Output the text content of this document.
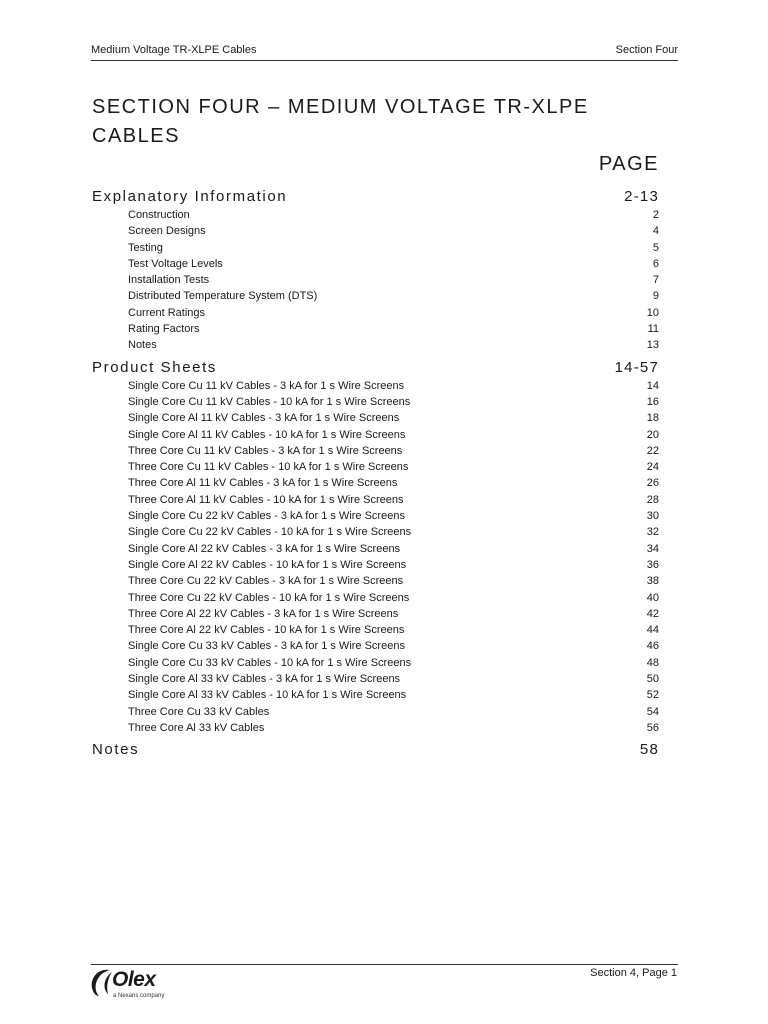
Medium Voltage TR-XLPE Cables	Section Four
SECTION FOUR – MEDIUM VOLTAGE TR-XLPE CABLES
PAGE
Explanatory Information	2-13
Construction	2
Screen Designs	4
Testing	5
Test Voltage Levels	6
Installation Tests	7
Distributed Temperature System (DTS)	9
Current Ratings	10
Rating Factors	11
Notes	13
Product Sheets	14-57
Single Core Cu 11 kV Cables - 3 kA for 1 s Wire Screens	14
Single Core Cu 11 kV Cables - 10 kA for 1 s Wire Screens	16
Single Core Al 11 kV Cables - 3 kA for 1 s Wire Screens	18
Single Core Al 11 kV Cables - 10 kA for 1 s Wire Screens	20
Three Core Cu 11 kV Cables - 3 kA for 1 s Wire Screens	22
Three Core Cu 11 kV Cables - 10 kA for 1 s Wire Screens	24
Three Core Al 11 kV Cables - 3 kA for 1 s Wire Screens	26
Three Core Al 11 kV Cables - 10 kA for 1 s Wire Screens	28
Single Core Cu 22 kV Cables - 3 kA for 1 s Wire Screens	30
Single Core Cu 22 kV Cables - 10 kA for 1 s Wire Screens	32
Single Core Al 22 kV Cables - 3 kA for 1 s Wire Screens	34
Single Core Al 22 kV Cables - 10 kA for 1 s Wire Screens	36
Three Core Cu 22 kV Cables - 3 kA for 1 s Wire Screens	38
Three Core Cu 22 kV Cables - 10 kA for 1 s Wire Screens	40
Three Core Al 22 kV Cables - 3 kA for 1 s Wire Screens	42
Three Core Al 22 kV Cables - 10 kA for 1 s Wire Screens	44
Single Core Cu 33 kV Cables - 3 kA for 1 s Wire Screens	46
Single Core Cu 33 kV Cables - 10 kA for 1 s Wire Screens	48
Single Core Al 33 kV Cables - 3 kA for 1 s Wire Screens	50
Single Core Al 33 kV Cables - 10 kA for 1 s Wire Screens	52
Three Core Cu 33 kV Cables	54
Three Core Al 33 kV Cables	56
Notes	58
Olex
a Nexans company
Section 4, Page 1
